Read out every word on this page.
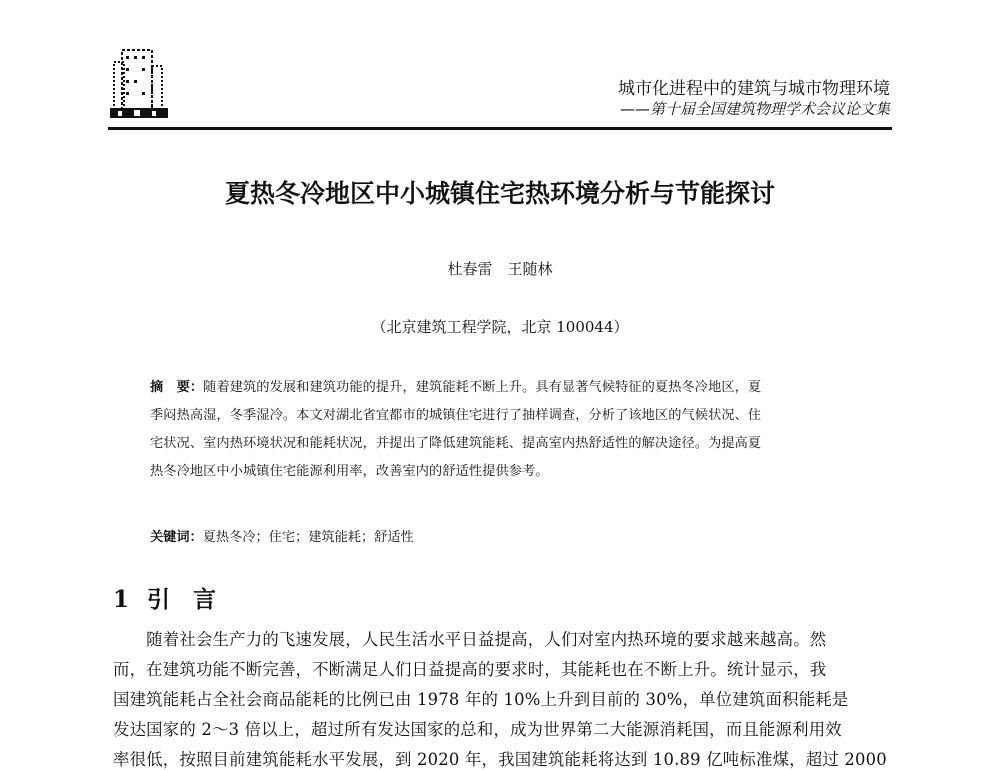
城市化进程中的建筑与城市物理环境
——第十届全国建筑物理学术会议论文集
夏热冬冷地区中小城镇住宅热环境分析与节能探讨
杜春雷　王随林
（北京建筑工程学院，北京 100044）
摘　要：随着建筑的发展和建筑功能的提升，建筑能耗不断上升。具有显著气候特征的夏热冬冷地区，夏
季闷热高湿，冬季湿冷。本文对湖北省宜都市的城镇住宅进行了抽样调查，分析了该地区的气候状况、住
宅状况、室内热环境状况和能耗状况，并提出了降低建筑能耗、提高室内热舒适性的解决途径。为提高夏
热冬冷地区中小城镇住宅能源利用率，改善室内的舒适性提供参考。
关键词：夏热冬冷；住宅；建筑能耗；舒适性
1 引　言
　　随着社会生产力的飞速发展，人民生活水平日益提高，人们对室内热环境的要求越来越高。然
而，在建筑功能不断完善，不断满足人们日益提高的要求时，其能耗也在不断上升。统计显示，我
国建筑能耗占全社会商品能耗的比例已由 1978 年的 10%上升到目前的 30%，单位建筑面积能耗是
发达国家的 2～3 倍以上，超过所有发达国家的总和，成为世界第二大能源消耗国，而且能源利用效
率很低，按照目前建筑能耗水平发展，到 2020 年，我国建筑能耗将达到 10.89 亿吨标准煤，超过 2000
